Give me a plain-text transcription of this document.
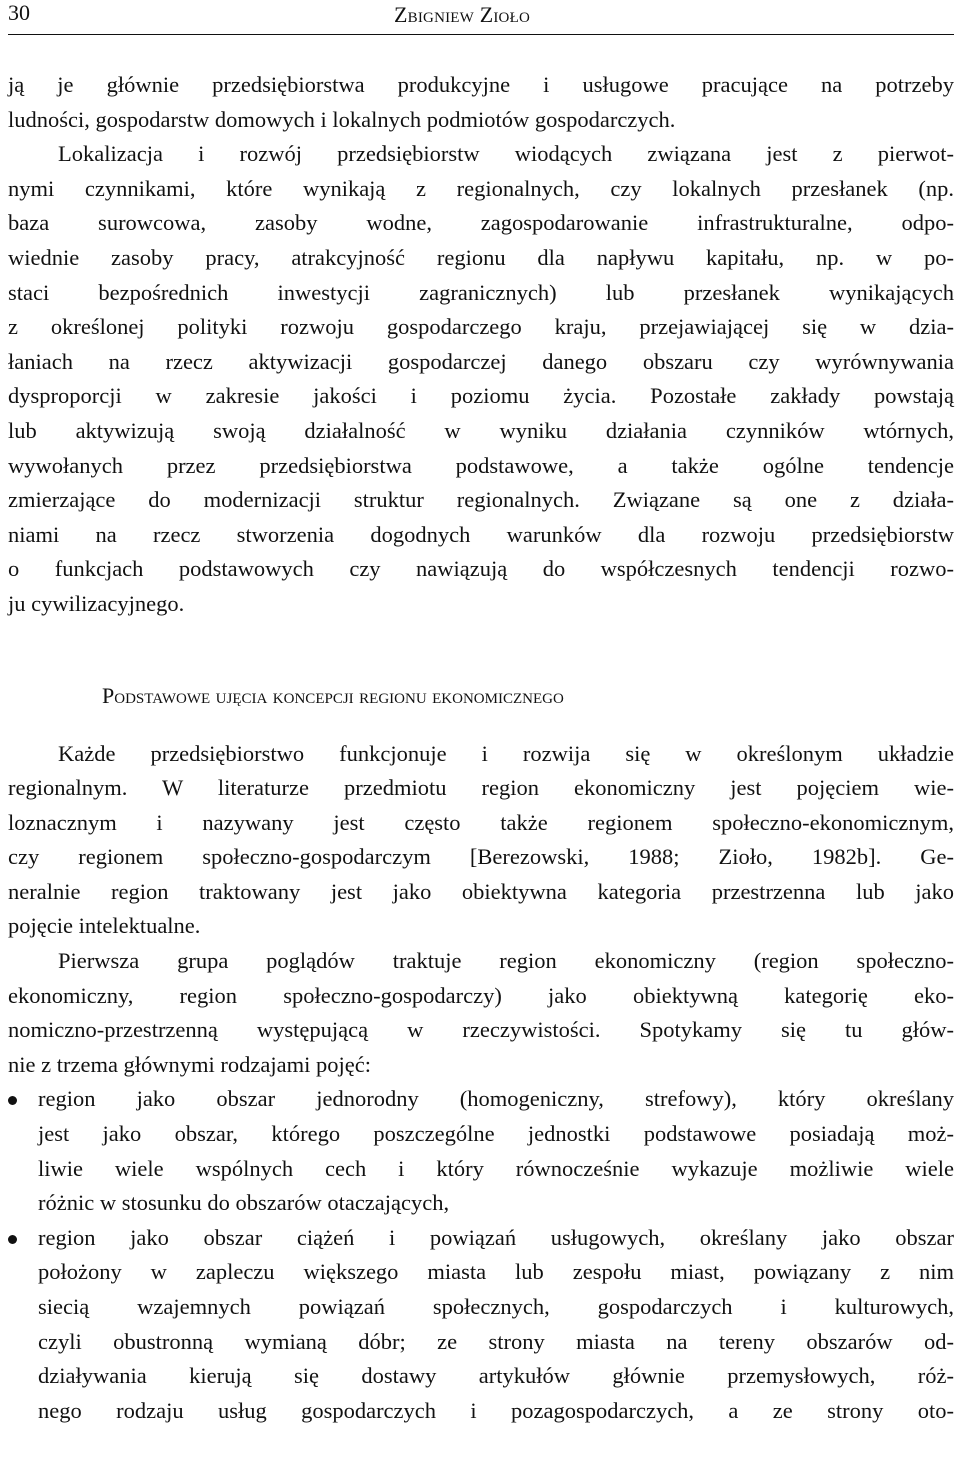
30	Zbigniew Zioło
ją je głównie przedsiębiorstwa produkcyjne i usługowe pracujące na potrzeby
ludności, gospodarstw domowych i lokalnych podmiotów gospodarczych.
Lokalizacja i rozwój przedsiębiorstw wiodących związana jest z pierwot-
nymi czynnikami, które wynikają z regionalnych, czy lokalnych przesłanek (np.
baza surowcowa, zasoby wodne, zagospodarowanie infrastrukturalne, odpo-
wiednie zasoby pracy, atrakcyjność regionu dla napływu kapitału, np. w po-
staci bezpośrednich inwestycji zagranicznych) lub przesłanek wynikających
z określonej polityki rozwoju gospodarczego kraju, przejawiającej się w dzia-
łaniach na rzecz aktywizacji gospodarczej danego obszaru czy wyrównywania
dysproporcji w zakresie jakości i poziomu życia. Pozostałe zakłady powstają
lub aktywizują swoją działalność w wyniku działania czynników wtórnych,
wywołanych przez przedsiębiorstwa podstawowe, a także ogólne tendencje
zmierzające do modernizacji struktur regionalnych. Związane są one z działa-
niami na rzecz stworzenia dogodnych warunków dla rozwoju przedsiębiorstw
o funkcjach podstawowych czy nawiązują do współczesnych tendencji rozwo-
ju cywilizacyjnego.
Podstawowe ujęcia koncepcji regionu ekonomicznego
Każde przedsiębiorstwo funkcjonuje i rozwija się w określonym układzie
regionalnym. W literaturze przedmiotu region ekonomiczny jest pojęciem wie-
loznacznym i nazywany jest często także regionem społeczno-ekonomicznym,
czy regionem społeczno-gospodarczym [Berezowski, 1988; Zioło, 1982b]. Ge-
neralnie region traktowany jest jako obiektywna kategoria przestrzenna lub jako
pojęcie intelektualne.
Pierwsza grupa poglądów traktuje region ekonomiczny (region społeczno-
ekonomiczny, region społeczno-gospodarczy) jako obiektywną kategorię eko-
nomiczno-przestrzenną występującą w rzeczywistości. Spotykamy się tu głów-
nie z trzema głównymi rodzajami pojęć:
region jako obszar jednorodny (homogeniczny, strefowy), który określany
jest jako obszar, którego poszczególne jednostki podstawowe posiadają moż-
liwie wiele wspólnych cech i który równocześnie wykazuje możliwie wiele
różnic w stosunku do obszarów otaczających,
region jako obszar ciążeń i powiązań usługowych, określany jako obszar
położony w zapleczu większego miasta lub zespołu miast, powiązany z nim
siecią wzajemnych powiązań społecznych, gospodarczych i kulturowych,
czyli obustronną wymianą dóbr; ze strony miasta na tereny obszarów od-
działywania kierują się dostawy artykułów głównie przemysłowych, róż-
nego rodzaju usług gospodarczych i pozagospodarczych, a ze strony oto-
